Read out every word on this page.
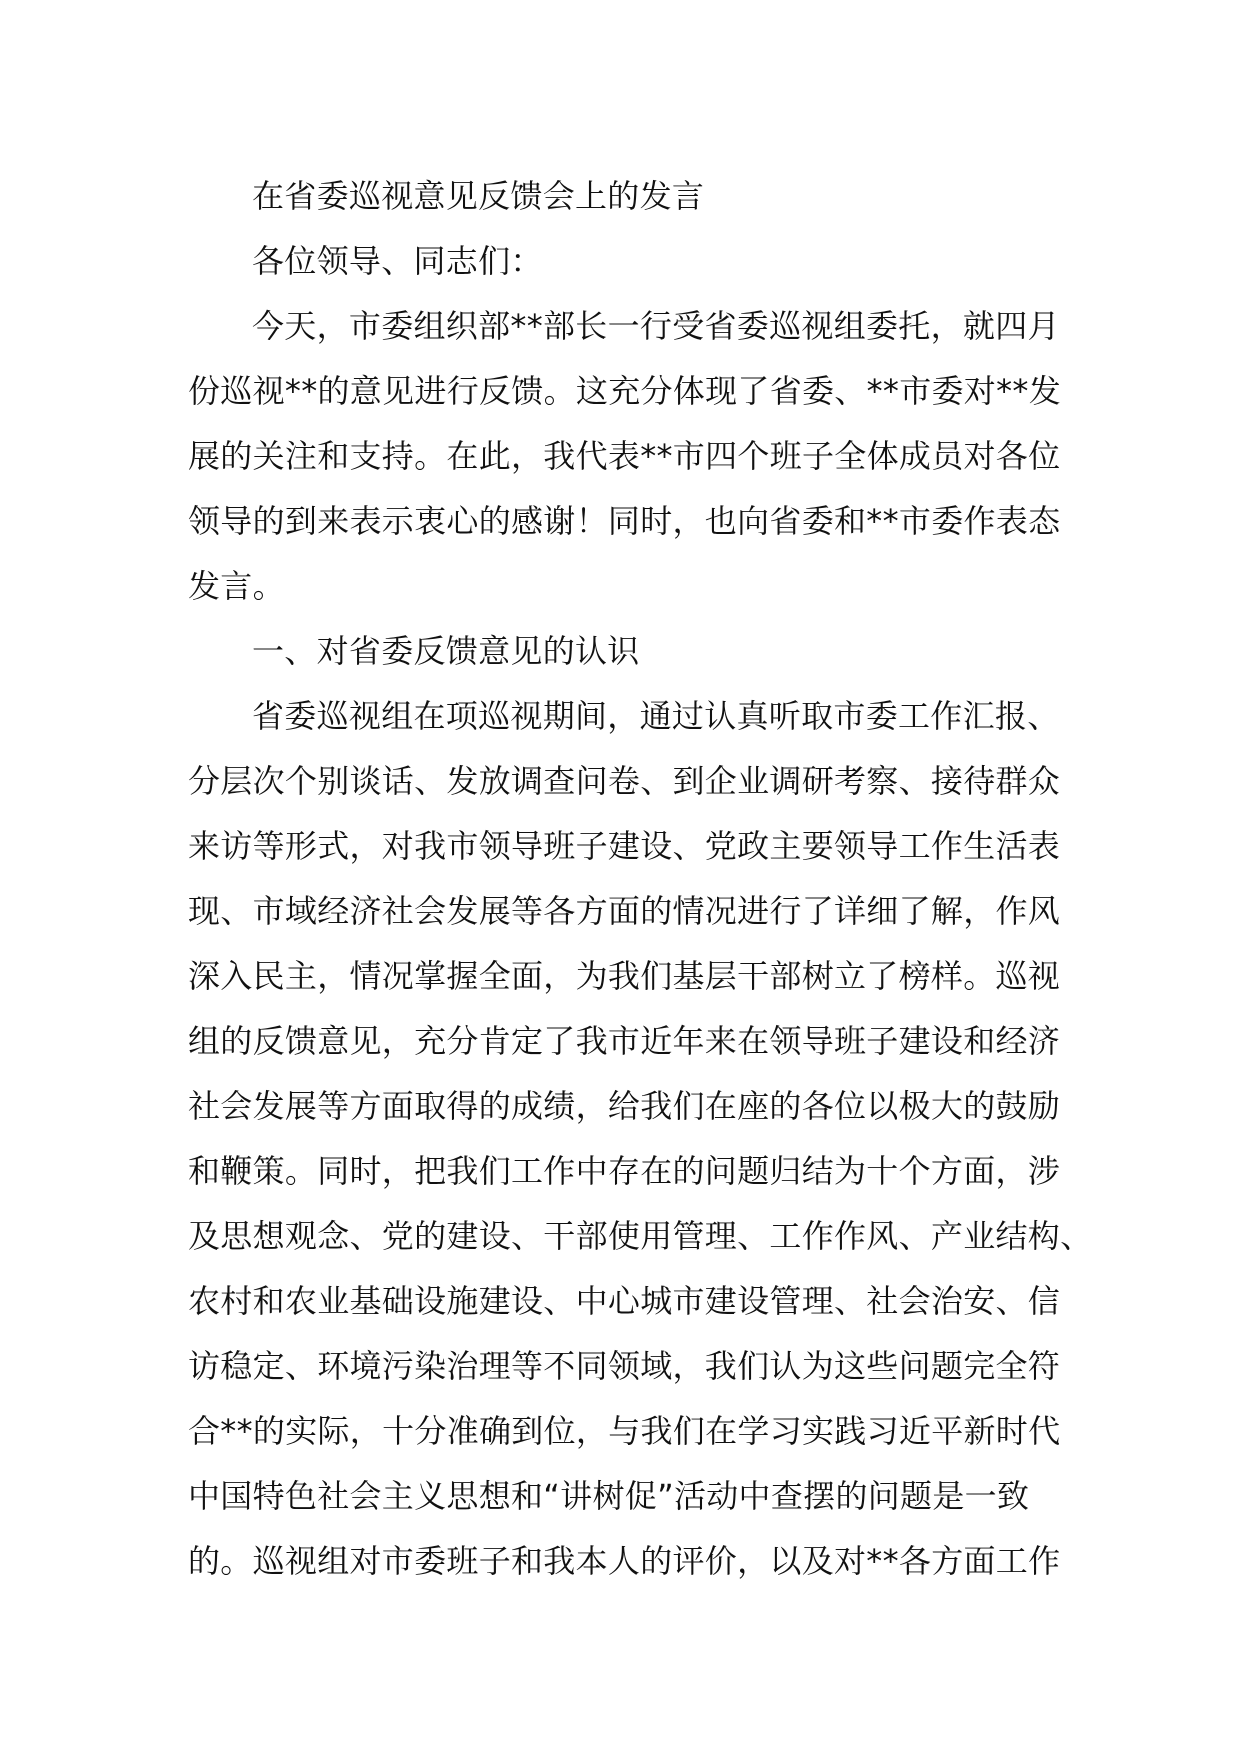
在省委巡视意见反馈会上的发言
各位领导、同志们：
今天，市委组织部**部长一行受省委巡视组委托，就四月
份巡视**的意见进行反馈。这充分体现了省委、**市委对**发
展的关注和支持。在此，我代表**市四个班子全体成员对各位
领导的到来表示衷心的感谢！同时，也向省委和**市委作表态
发言。
一、对省委反馈意见的认识
省委巡视组在项巡视期间，通过认真听取市委工作汇报、
分层次个别谈话、发放调查问卷、到企业调研考察、接待群众
来访等形式，对我市领导班子建设、党政主要领导工作生活表
现、市域经济社会发展等各方面的情况进行了详细了解，作风
深入民主，情况掌握全面，为我们基层干部树立了榜样。巡视
组的反馈意见，充分肯定了我市近年来在领导班子建设和经济
社会发展等方面取得的成绩，给我们在座的各位以极大的鼓励
和鞭策。同时，把我们工作中存在的问题归结为十个方面，涉
及思想观念、党的建设、干部使用管理、工作作风、产业结构、
农村和农业基础设施建设、中心城市建设管理、社会治安、信
访稳定、环境污染治理等不同领域，我们认为这些问题完全符
合**的实际，十分准确到位，与我们在学习实践习近平新时代
中国特色社会主义思想和“讲树促”活动中查摆的问题是一致
的。巡视组对市委班子和我本人的评价，以及对**各方面工作
